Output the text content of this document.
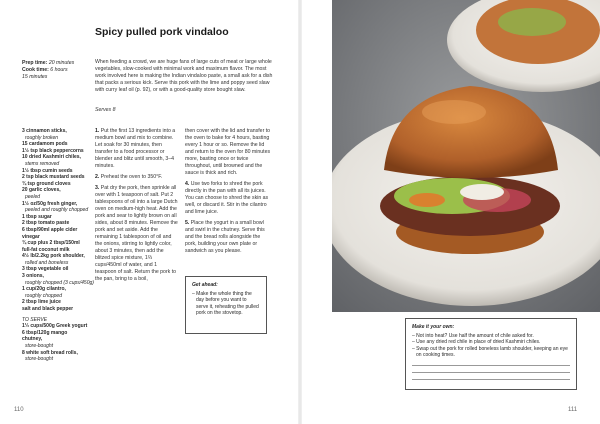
Spicy pulled pork vindaloo
Prep time: 20 minutes
Cook time: 6 hours
15 minutes

When feeding a crowd, we are huge fans of large cuts of meat or large whole vegetables, slow-cooked with minimal work and maximum flavor. The most work involved here is making the Indian vindaloo paste, a small ask for a dish that packs a serious kick. Serve this pork with the lime and poppy seed slaw with curry leaf oil (p. 92), or with a good-quality store bought slaw.

Serves 8

3 cinnamon sticks,
roughly broken
15 cardamom pods
1½ tsp black peppercorns
10 dried Kashmiri chiles,
stems removed
1½ tbsp cumin seeds
2 tsp black mustard seeds
¾ tsp ground cloves
20 garlic cloves,
peeled
1½ oz/50g fresh ginger,
peeled and roughly chopped
1 tbsp sugar
2 tbsp tomato paste
6 tbsp/90ml apple cider
vinegar
¾ cup plus 2 tbsp/150ml
full-fat coconut milk
4½ lb/2.2kg pork shoulder,
rolled and boneless
3 tbsp vegetable oil
3 onions,
roughly chopped (3 cups/450g)
1 cup/20g cilantro,
roughly chopped
2 tbsp lime juice
salt and black pepper
TO SERVE
1⅓ cups/500g Greek yogurt
6 tbsp/120g mango
chutney,
store-bought
8 white soft bread rolls,
store-bought

1. Put the first 13 ingredients into a medium bowl and mix to combine. Let soak for 30 minutes, then transfer to a food processor or blender and blitz until smooth, 3–4 minutes.

2. Preheat the oven to 350°F.

3. Pat dry the pork, then sprinkle all over with 1 teaspoon of salt. Put 2 tablespoons of oil into a large Dutch oven on medium-high heat. Add the pork and sear to lightly brown on all sides, about 8 minutes. Remove the pork and set aside. Add the remaining 1 tablespoon of oil and the onions, stirring to lightly color, about 3 minutes, then add the blitzed spice mixture, 1⅔ cups/450ml of water, and 1 teaspoon of salt. Return the pork to the pan, bring to a boil,

then cover with the lid and transfer to the oven to bake for 4 hours, basting every 1 hour or so. Remove the lid and return to the oven for 80 minutes more, basting once or twice throughout, until browned and the sauce is thick and rich.

4. Use two forks to shred the pork directly in the pan with all its juices. You can choose to shred the skin as well, or discard it. Stir in the cilantro and lime juice.

5. Place the yogurt in a small bowl and swirl in the chutney. Serve this and the bread rolls alongside the pork, building your own plate or sandwich as you please.

Get ahead:
– Make the whole thing the day before you want to serve it, reheating the pulled pork on the stovetop.
110	111
Make it your own:
– Not into heat? Use half the amount of chile asked for.
– Use any dried red chile in place of dried Kashmiri chiles.
– Swap out the pork for rolled boneless lamb shoulder, keeping an eye on cooking times.
